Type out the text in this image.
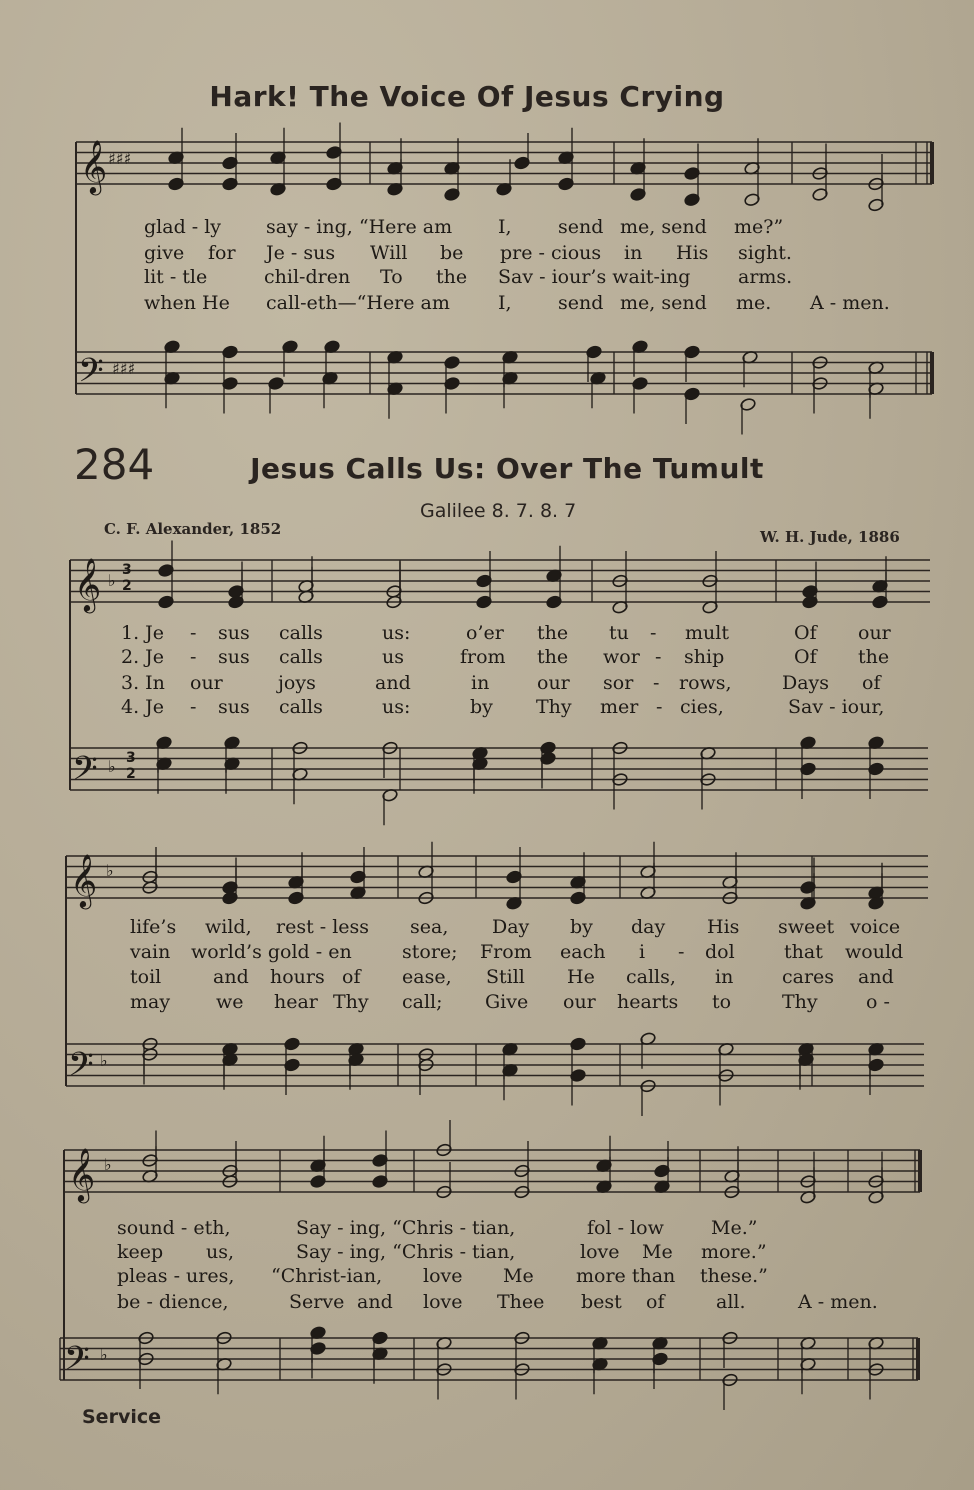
Hark! The Voice Of Jesus Crying
𝄞
𝄢
𝄞
𝄢
𝄞
𝄢
𝄞
𝄢
♯♯♯
♯♯♯
♭
3
2
♭ 3
2
♭
♭
♭
♭
glad - ly say - ing, “Here am I, send me, send me?”
give for Je - sus Will be pre - cious in His sight.
lit - tle	chil-dren To the Sav - iour’s wait-ing	arms.
when He call-eth—“Here am	I, send me, send me. A - men.
284	Jesus Calls Us: Over The Tumult
Galilee 8. 7. 8. 7
C. F. Alexander, 1852	W. H. Jude, 1886
1. Je - sus calls	us:	o’er the tu - mult	Of our
2. Je - sus calls	us	from the wor - ship	Of the
3. In our	joys	and	in	our sor - rows,	Days of
4. Je - sus calls	us:	by Thy mer - cies,	Sav - iour,
life’s wild, rest - less sea, Day by day His sweet voice
vain world’s gold - en	store; From each i - dol	that would
toil	and hours of ease, Still He calls, in	cares and
may we hear Thy call; Give our hearts to	Thy	o -
sound - eth,	Say - ing, “Chris - tian,	fol - low Me.”
keep us,	Say - ing, “Chris - tian,	love Me more.”
pleas - ures, “Christ-ian, love Me more than these.”
be - dience,	Serve and love Thee best of	all.	A - men.
Service
